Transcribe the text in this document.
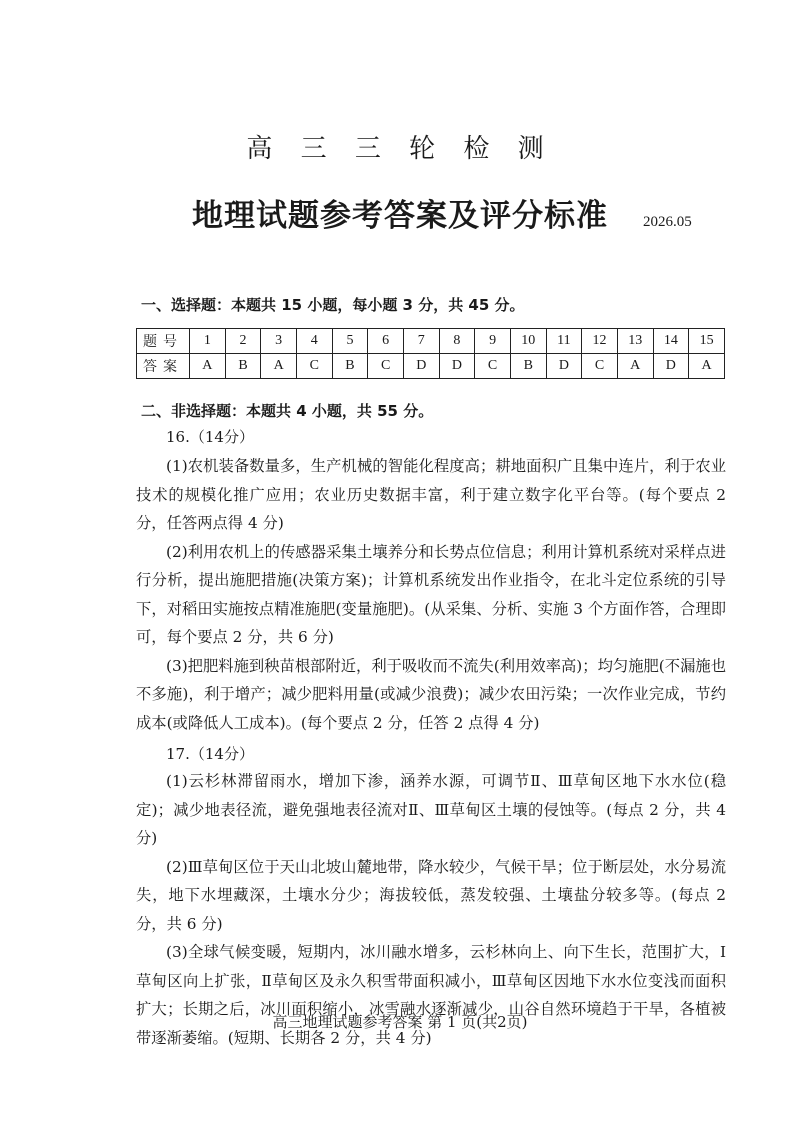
高 三 三 轮 检 测
地理试题参考答案及评分标准	2026.05
一、选择题：本题共 15 小题，每小题 3 分，共 45 分。
题号	1	2	3	4	5	6	7	8	9	10	11	12	13	14	15
答案	A	B	A	C	B	C	D	D	C	B	D	C	A	D	A
二、非选择题：本题共 4 小题，共 55 分。
16.（14分）

(1)农机装备数量多，生产机械的智能化程度高；耕地面积广且集中连片，利于农业技术的规模化推广应用；农业历史数据丰富，利于建立数字化平台等。(每个要点 2 分，任答两点得 4 分)

(2)利用农机上的传感器采集土壤养分和长势点位信息；利用计算机系统对采样点进行分析，提出施肥措施(决策方案)；计算机系统发出作业指令，在北斗定位系统的引导下，对稻田实施按点精准施肥(变量施肥)。(从采集、分析、实施 3 个方面作答，合理即可，每个要点 2 分，共 6 分)

(3)把肥料施到秧苗根部附近，利于吸收而不流失(利用效率高)；均匀施肥(不漏施也不多施)，利于增产；减少肥料用量(或减少浪费)；减少农田污染；一次作业完成，节约成本(或降低人工成本)。(每个要点 2 分，任答 2 点得 4 分)

17.（14分）

(1)云杉林滞留雨水，增加下渗，涵养水源，可调节Ⅱ、Ⅲ草甸区地下水水位(稳定)；减少地表径流，避免强地表径流对Ⅱ、Ⅲ草甸区土壤的侵蚀等。(每点 2 分，共 4 分)

(2)Ⅲ草甸区位于天山北坡山麓地带，降水较少，气候干旱；位于断层处，水分易流失，地下水埋藏深，土壤水分少；海拔较低，蒸发较强、土壤盐分较多等。(每点 2 分，共 6 分)

(3)全球气候变暖，短期内，冰川融水增多，云杉林向上、向下生长，范围扩大，Ⅰ草甸区向上扩张，Ⅱ草甸区及永久积雪带面积减小，Ⅲ草甸区因地下水水位变浅而面积扩大；长期之后，冰川面积缩小，冰雪融水逐渐减少，山谷自然环境趋于干旱，各植被带逐渐萎缩。(短期、长期各 2 分，共 4 分)

高三地理试题参考答案 第 1 页(共2页)
